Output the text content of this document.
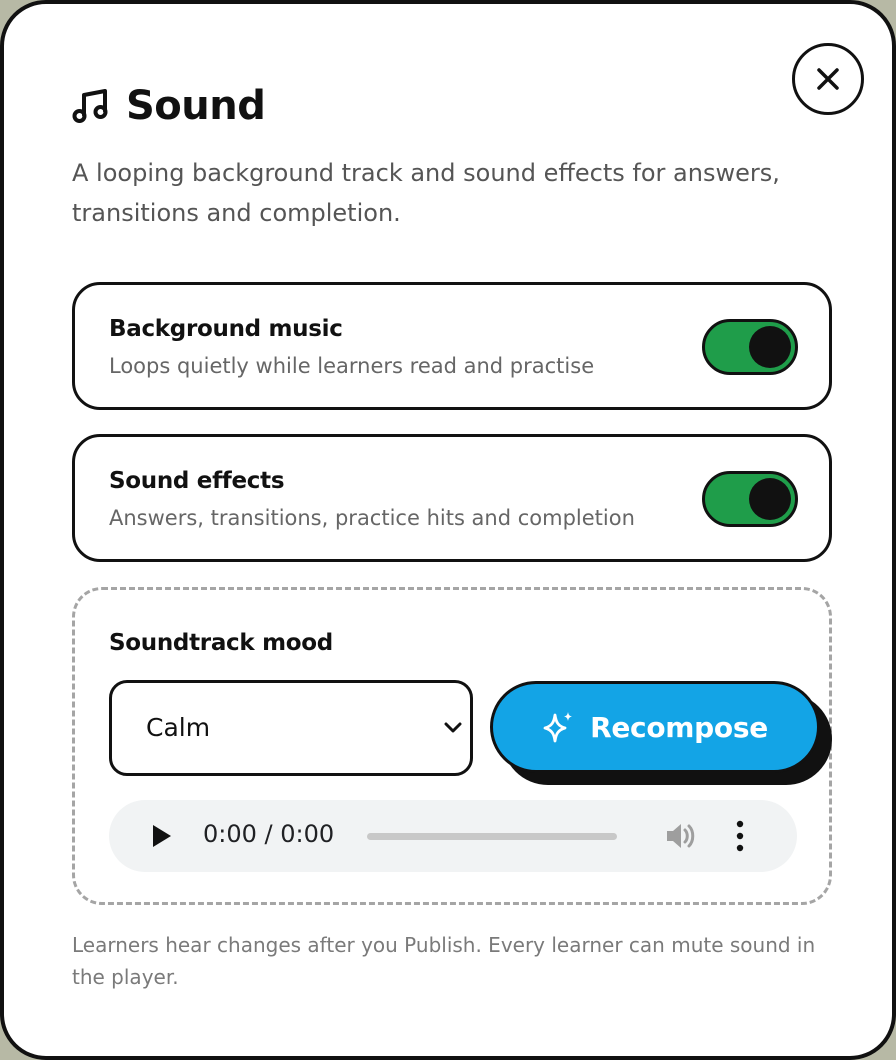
Sound
A looping background track and sound effects for answers, transitions and completion.
Background music
Loops quietly while learners read and practise
Sound effects
Answers, transitions, practice hits and completion
Soundtrack mood
Calm	Recompose
0:00 / 0:00
Learners hear changes after you Publish. Every learner can mute sound in the player.
